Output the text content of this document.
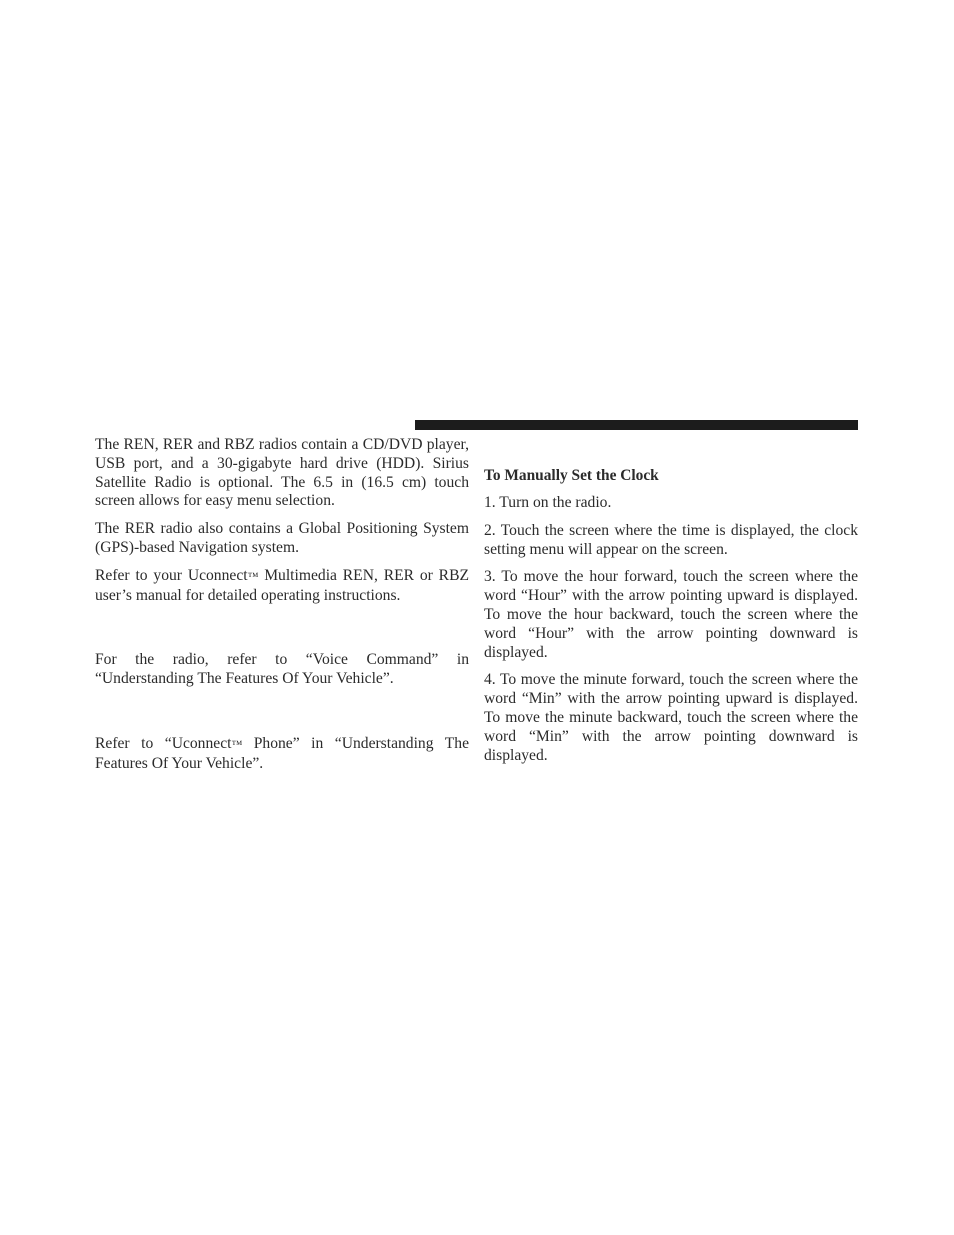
The REN, RER and RBZ radios contain a CD/DVD player, USB port, and a 30-gigabyte hard drive (HDD). Sirius Satellite Radio is optional. The 6.5 in (16.5 cm) touch screen allows for easy menu selection.

The RER radio also contains a Global Positioning System (GPS)-based Navigation system.

Refer to your Uconnect™ Multimedia REN, RER or RBZ user’s manual for detailed operating instructions.

For the radio, refer to “Voice Command” in “Understanding The Features Of Your Vehicle”.

Refer to “Uconnect™ Phone” in “Understanding The Features Of Your Vehicle”.

To Manually Set the Clock

1. Turn on the radio.

2. Touch the screen where the time is displayed, the clock setting menu will appear on the screen.

3. To move the hour forward, touch the screen where the word “Hour” with the arrow pointing upward is displayed. To move the hour backward, touch the screen where the word “Hour” with the arrow pointing downward is displayed.

4. To move the minute forward, touch the screen where the word “Min” with the arrow pointing upward is displayed. To move the minute backward, touch the screen where the word “Min” with the arrow pointing downward is displayed.
